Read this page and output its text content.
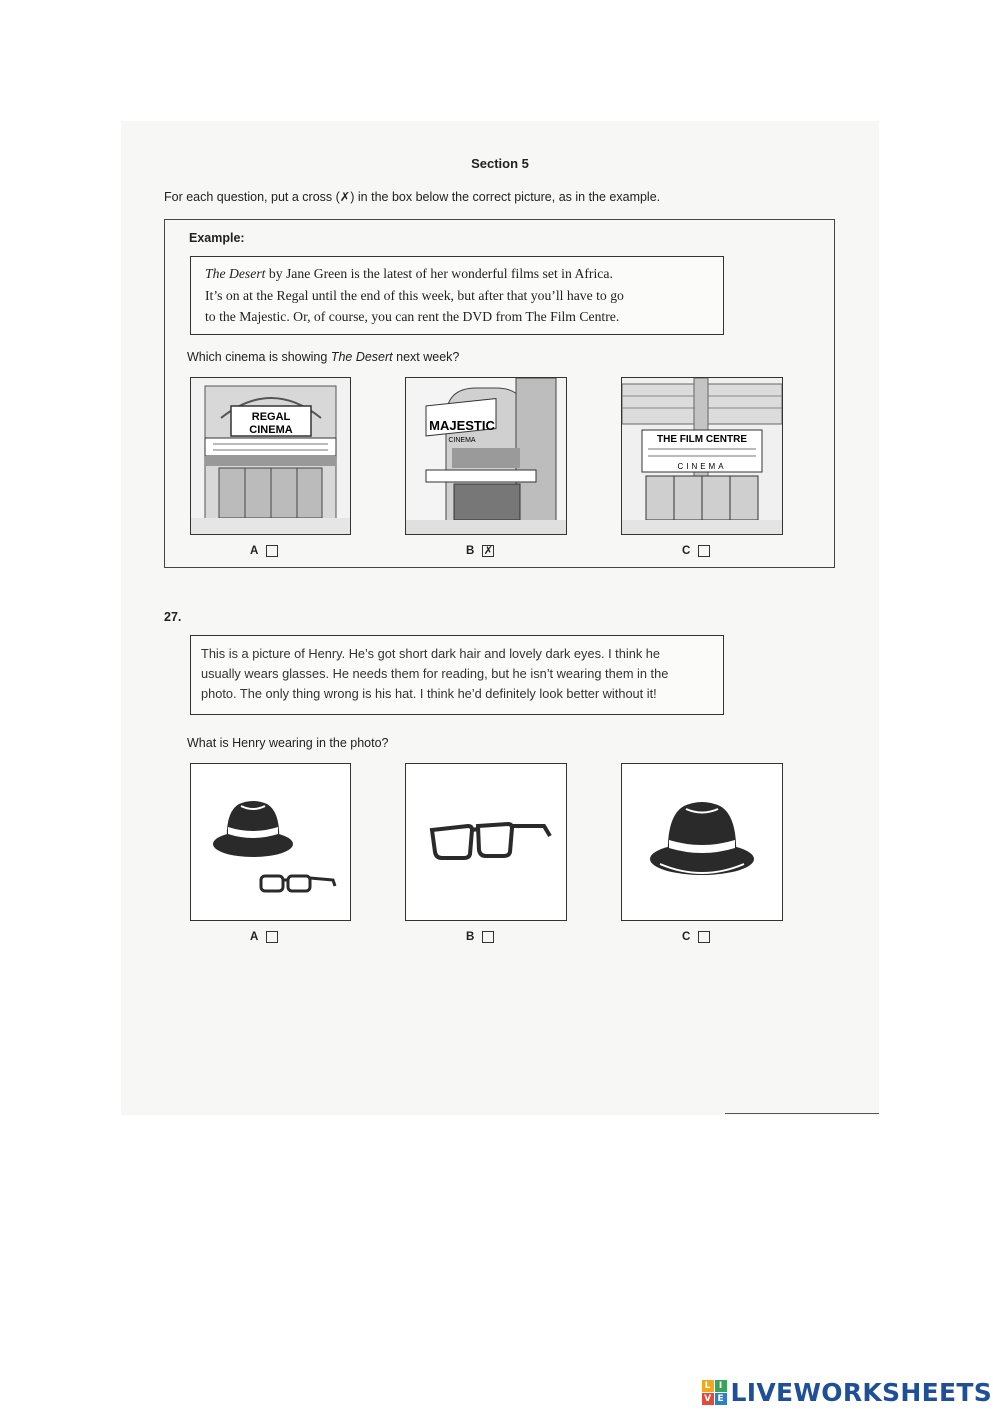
Section 5
For each question, put a cross (✗) in the box below the correct picture, as in the example.
Example:
The Desert by Jane Green is the latest of her wonderful films set in Africa.
It’s on at the Regal until the end of this week, but after that you’ll have to go
to the Majestic. Or, of course, you can rent the DVD from The Film Centre.
Which cinema is showing The Desert next week?
REGAL
CINEMA	MAJESTIC
CINEMA	THE FILM CENTRE
CINEMA
A	B ✗	C
27.
This is a picture of Henry. He’s got short dark hair and lovely dark eyes. I think he
usually wears glasses. He needs them for reading, but he isn’t wearing them in the
photo. The only thing wrong is his hat. I think he’d definitely look better without it!
What is Henry wearing in the photo?
A	B	C
L I
V E LIVEWORKSHEETS
